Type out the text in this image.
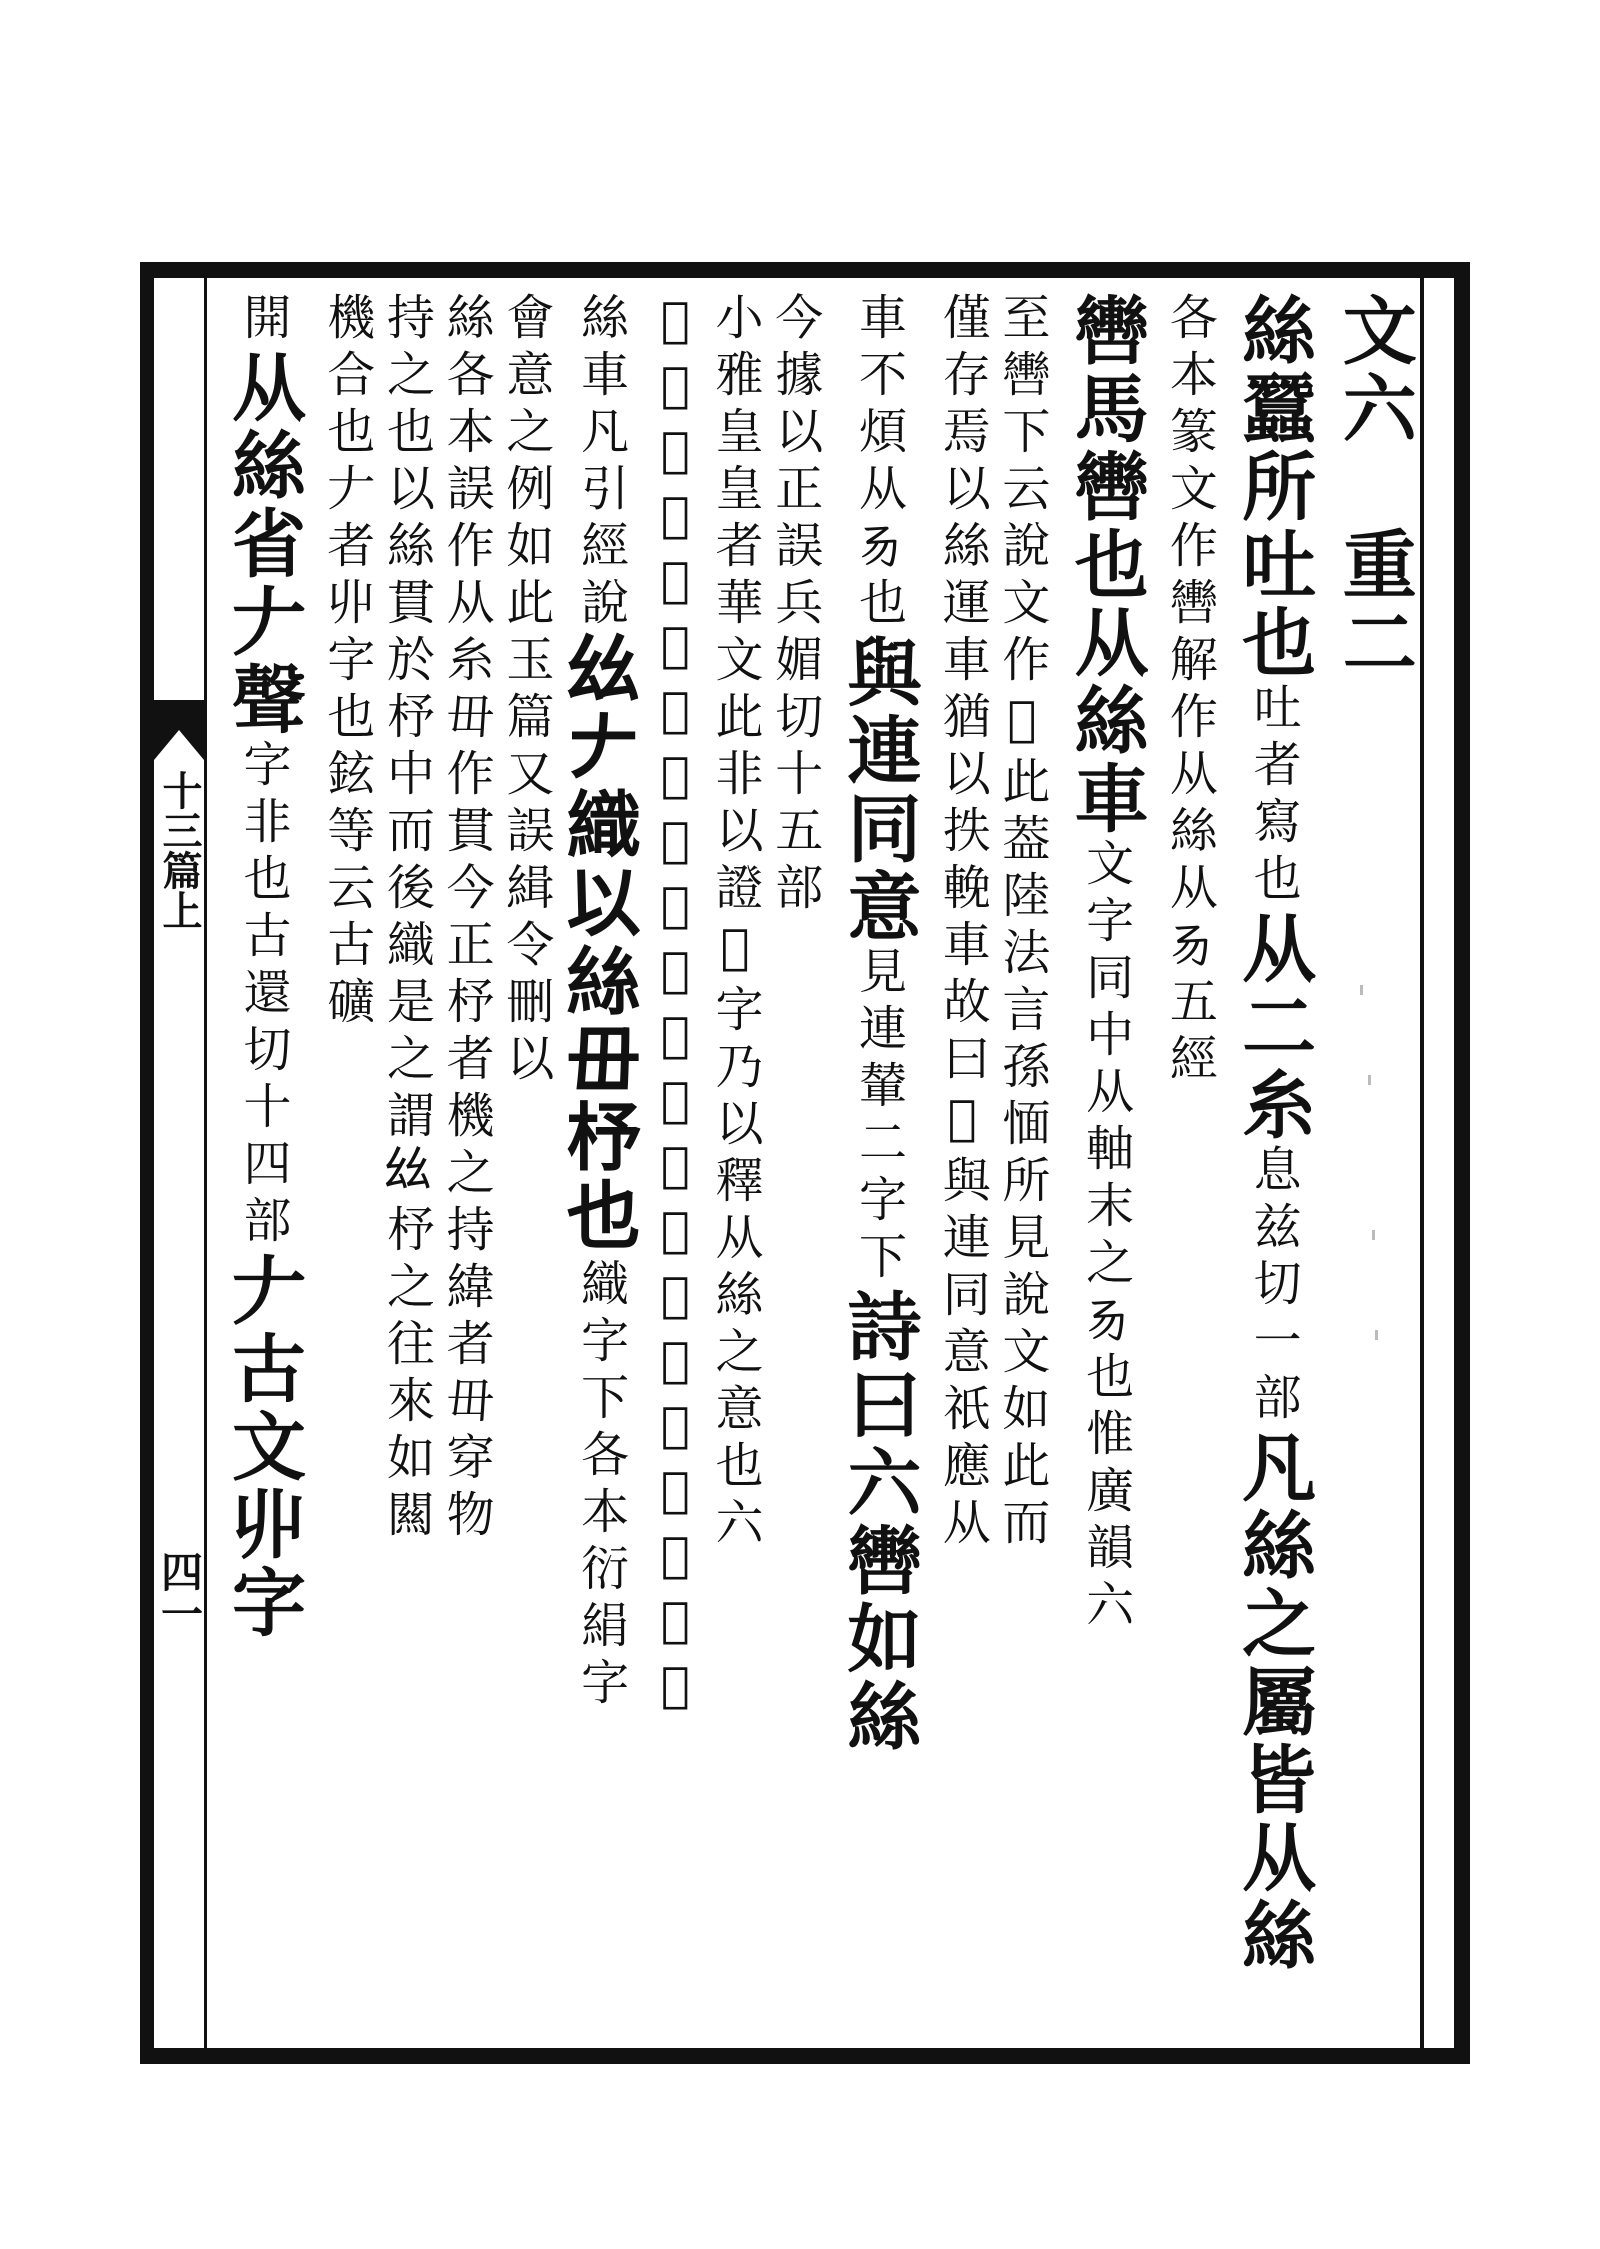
十三篇上
四一
文六　重二
絲蠶所吐也吐者寫也从二糸息兹切一部凡絲之屬皆从絲
各本篆文作轡解作从絲从𠃓五經
轡馬轡也从絲車文字同中从軸末之𠃓也惟廣韻六
至轡下云說文作𦇇此葢陸法言孫愐所見說文如此而
僅存焉以絲運車猶以抶輓車故曰𦇇與連同意祇應从
車不煩从𠃓也與連同意見連輦二字下詩曰六轡如絲
今據以正誤兵媚切十五部
小雅皇皇者華文此非以證𦇇字乃以釋从絲之意也六
𦇇如絲毛傳曰言調忍也如絲則是以絲運車故其字从
絲車凡引經說𢆶𠂇織以絲毌杼也織字下各本衍絹字
會意之例如此玉篇又誤緝令刪以
絲各本誤作从糸毌作貫今正杼者機之持緯者毌穿物
持之也以絲貫於杼中而後織是之謂𢆶杼之往來如闗
機合也𠂇者丱字也鉉等云古礦
開从絲省𠂇聲字非也古還切十四部𠂇古文丱字
